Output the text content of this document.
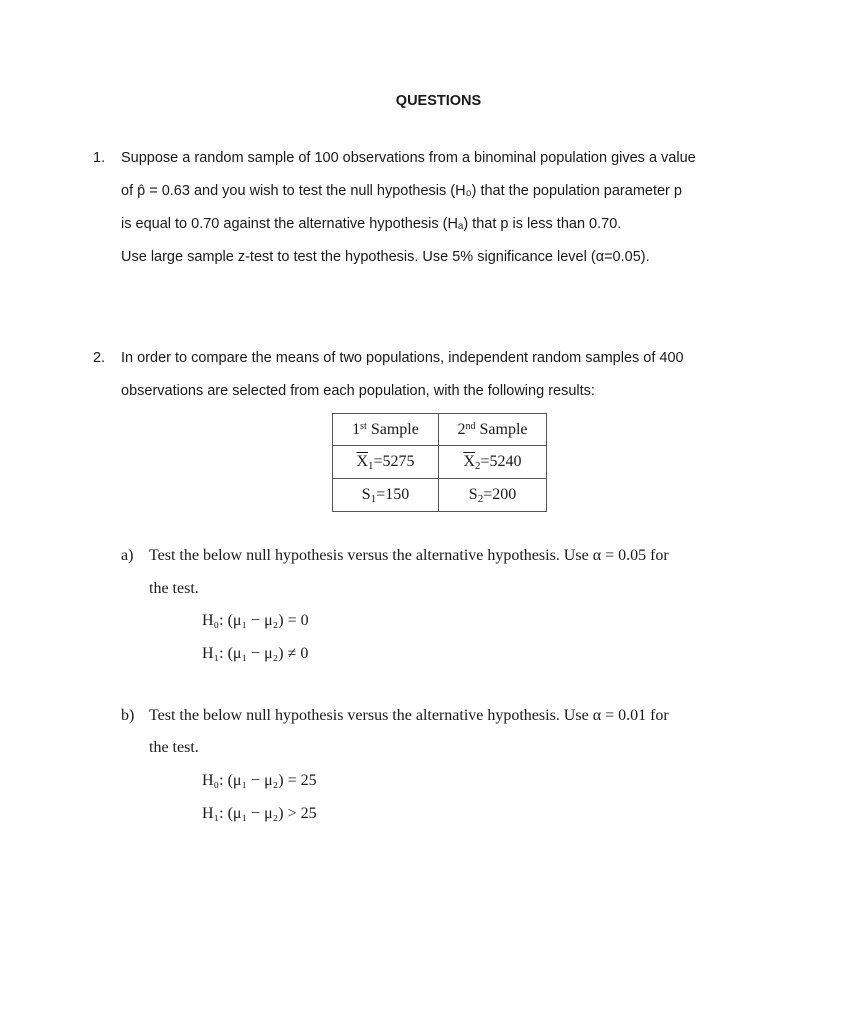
QUESTIONS
1. Suppose a random sample of 100 observations from a binominal population gives a value
of p̂ = 0.63 and you wish to test the null hypothesis (H₀) that the population parameter p
is equal to 0.70 against the alternative hypothesis (Hₐ) that p is less than 0.70.
Use large sample z-test to test the hypothesis. Use 5% significance level (α=0.05).
2. In order to compare the means of two populations, independent random samples of 400
observations are selected from each population, with the following results:
1st Sample	2nd Sample
$\overline{X}_1=5275$	$\overline{X}_2=5240$
$S_1=150$	$S_2=200$
a) Test the below null hypothesis versus the alternative hypothesis. Use α = 0.05 for
the test.
H₀: (μ₁ − μ₂) = 0
H₁: (μ₁ − μ₂) ≠ 0
b) Test the below null hypothesis versus the alternative hypothesis. Use α = 0.01 for
the test.
H₀: (μ₁ − μ₂) = 25
H₁: (μ₁ − μ₂) > 25
